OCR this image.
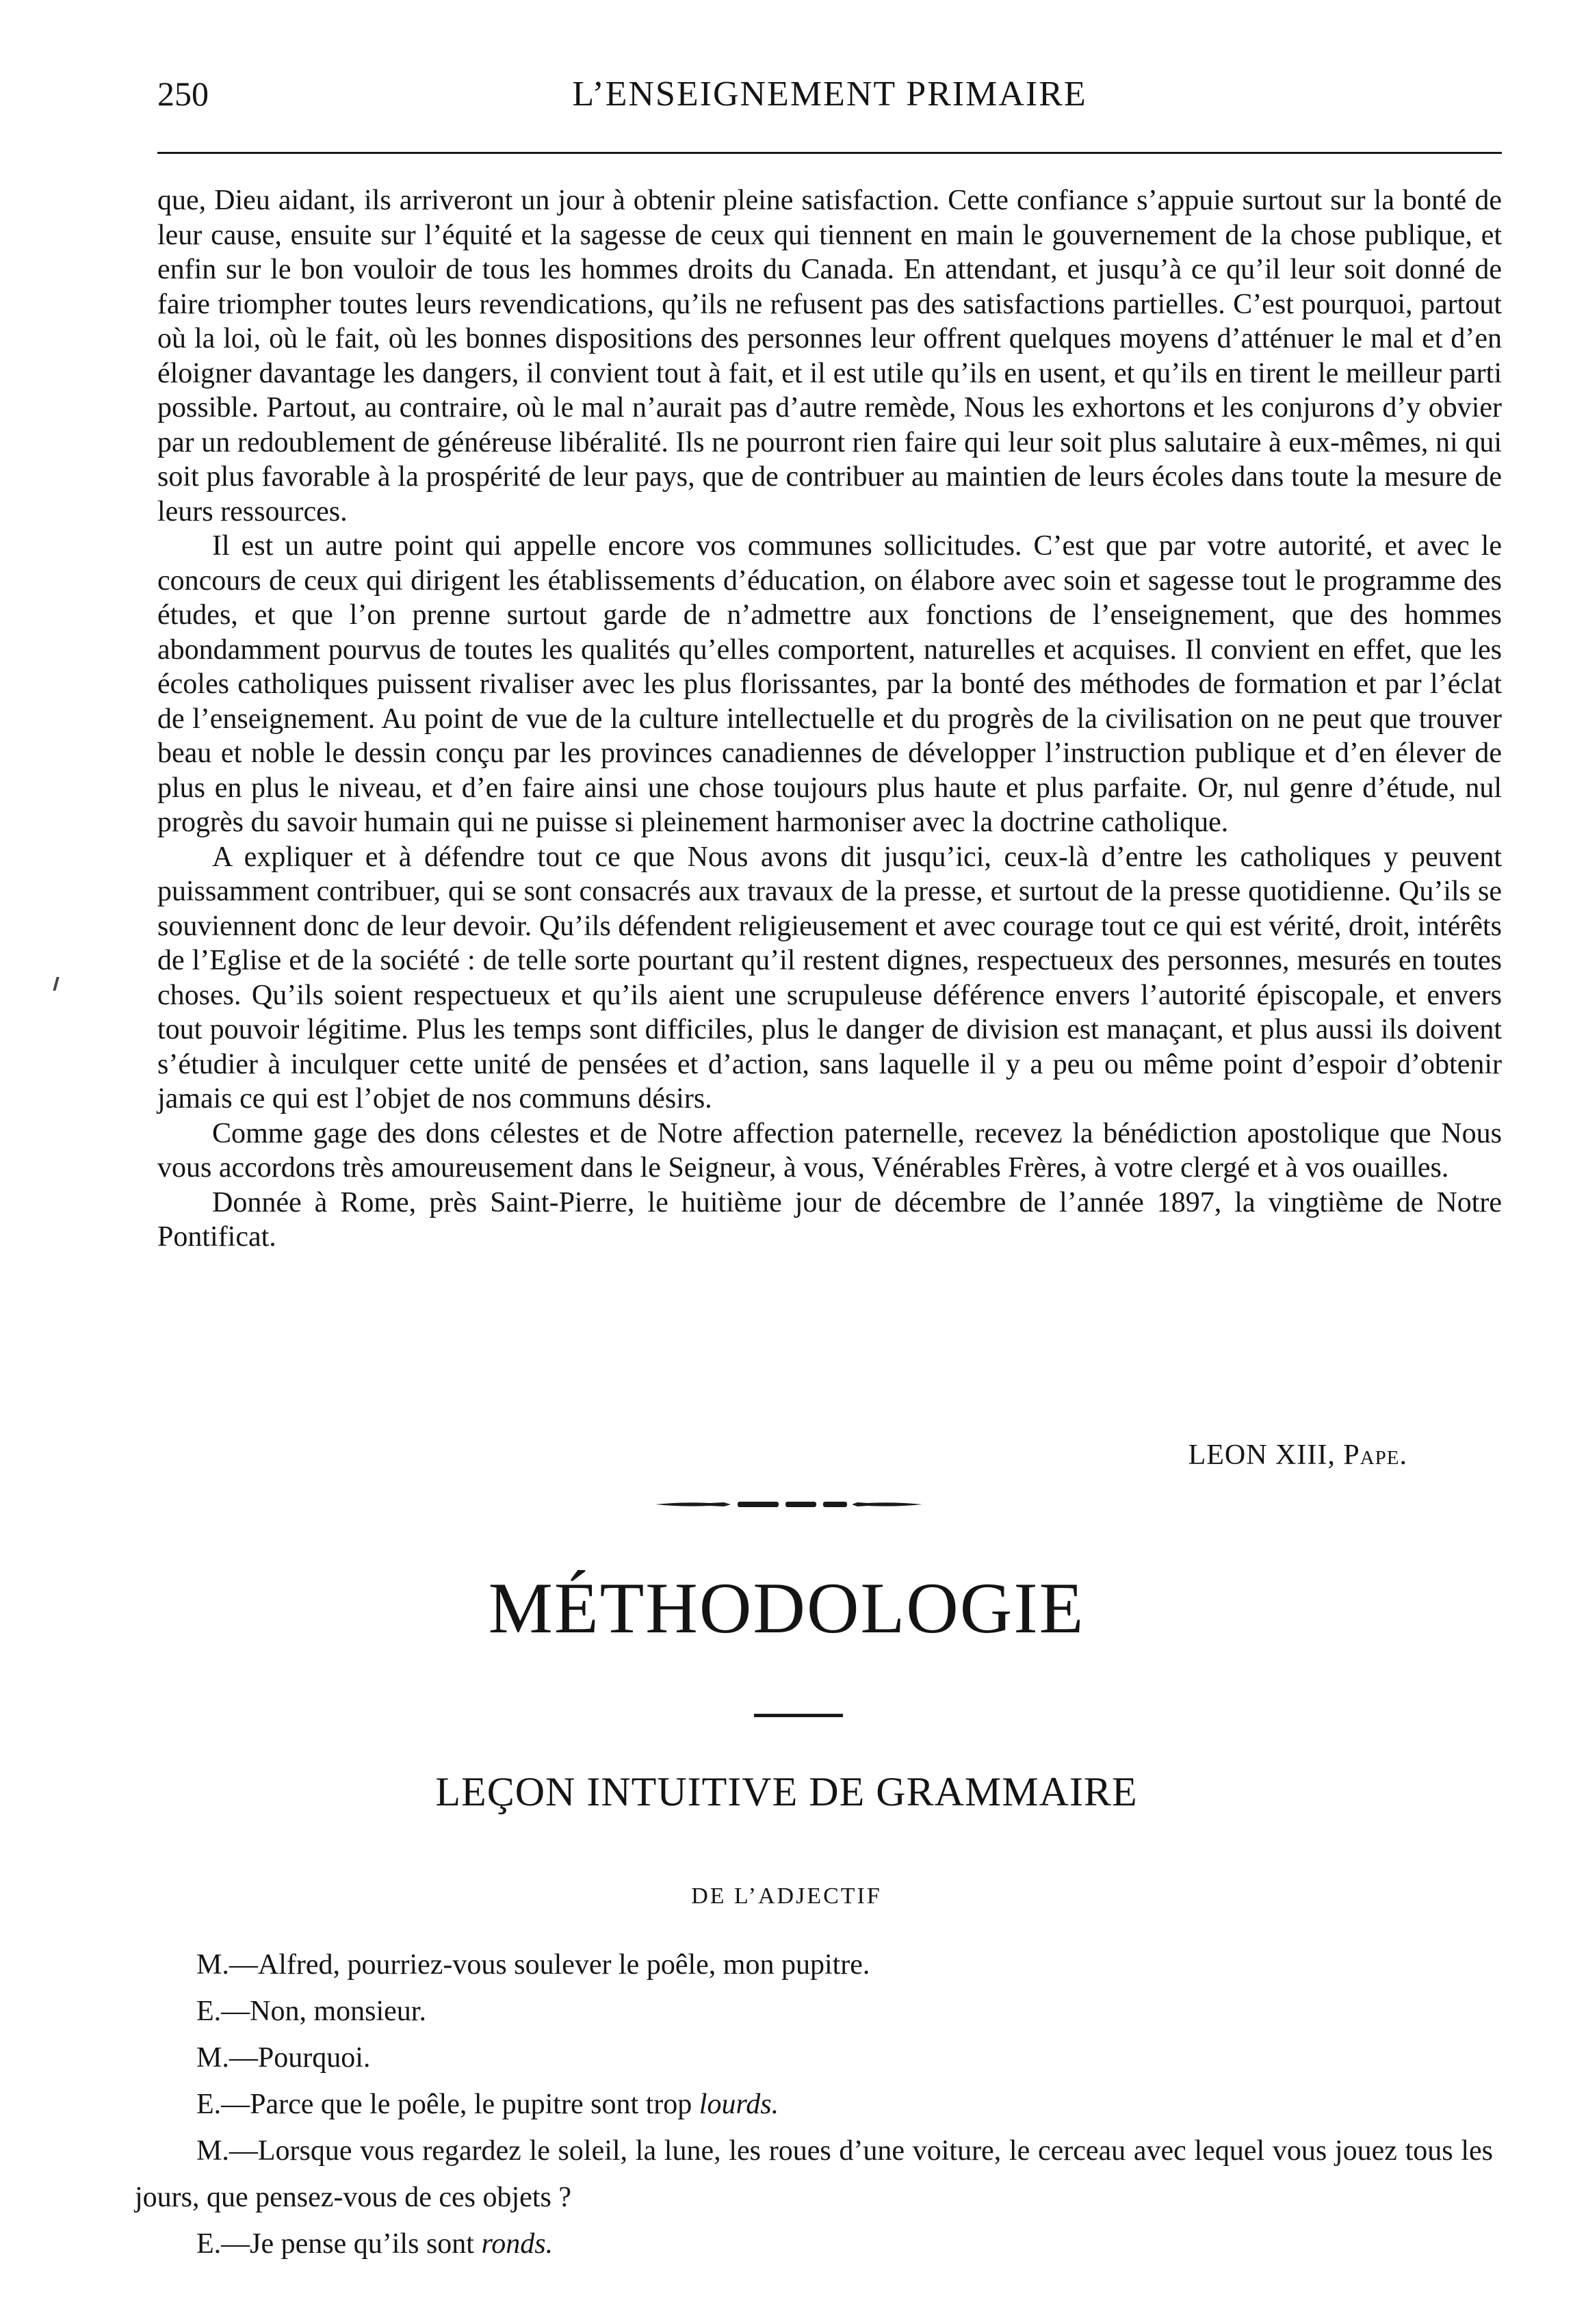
250	L’ENSEIGNEMENT PRIMAIRE

que, Dieu aidant, ils arriveront un jour à obtenir pleine satisfaction. Cette confiance s’appuie surtout sur la bonté de leur cause, ensuite sur l’équité et la sagesse de ceux qui tiennent en main le gouvernement de la chose publique, et enfin sur le bon vouloir de tous les hommes droits du Canada. En attendant, et jusqu’à ce qu’il leur soit donné de faire triompher toutes leurs revendications, qu’ils ne refusent pas des satisfactions partielles. C’est pourquoi, partout où la loi, où le fait, où les bonnes dispositions des personnes leur offrent quelques moyens d’atténuer le mal et d’en éloigner davantage les dangers, il convient tout à fait, et il est utile qu’ils en usent, et qu’ils en tirent le meilleur parti possible. Partout, au contraire, où le mal n’aurait pas d’autre remède, Nous les exhortons et les conjurons d’y obvier par un redoublement de généreuse libéralité. Ils ne pourront rien faire qui leur soit plus salutaire à eux-mêmes, ni qui soit plus favorable à la prospérité de leur pays, que de contribuer au maintien de leurs écoles dans toute la mesure de leurs ressources.

Il est un autre point qui appelle encore vos communes sollicitudes. C’est que par votre autorité, et avec le concours de ceux qui dirigent les établissements d’éducation, on élabore avec soin et sagesse tout le programme des études, et que l’on prenne surtout garde de n’admettre aux fonctions de l’enseignement, que des hommes abondamment pourvus de toutes les qualités qu’elles comportent, naturelles et acquises. Il convient en effet, que les écoles catholiques puissent rivaliser avec les plus florissantes, par la bonté des méthodes de formation et par l’éclat de l’enseignement. Au point de vue de la culture intellectuelle et du progrès de la civilisation on ne peut que trouver beau et noble le dessin conçu par les provinces canadiennes de développer l’instruction publique et d’en élever de plus en plus le niveau, et d’en faire ainsi une chose toujours plus haute et plus parfaite. Or, nul genre d’étude, nul progrès du savoir humain qui ne puisse si pleinement harmoniser avec la doctrine catholique.

A expliquer et à défendre tout ce que Nous avons dit jusqu’ici, ceux-là d’entre les catholiques y peuvent puissamment contribuer, qui se sont consacrés aux travaux de la presse, et surtout de la presse quotidienne. Qu’ils se souviennent donc de leur devoir. Qu’ils défendent religieusement et avec courage tout ce qui est vérité, droit, intérêts de l’Eglise et de la société : de telle sorte pourtant qu’il restent dignes, respectueux des personnes, mesurés en toutes choses. Qu’ils soient respectueux et qu’ils aient une scrupuleuse déférence envers l’autorité épiscopale, et envers tout pouvoir légitime. Plus les temps sont difficiles, plus le danger de division est manaçant, et plus aussi ils doivent s’étudier à inculquer cette unité de pensées et d’action, sans laquelle il y a peu ou même point d’espoir d’obtenir jamais ce qui est l’objet de nos communs désirs.

Comme gage des dons célestes et de Notre affection paternelle, recevez la bénédiction apostolique que Nous vous accordons très amoureusement dans le Seigneur, à vous, Vénérables Frères, à votre clergé et à vos ouailles.

Donnée à Rome, près Saint-Pierre, le huitième jour de décembre de l’année 1897, la vingtième de Notre Pontificat.

LEON XIII, Pape.
MÉTHODOLOGIE
LEÇON INTUITIVE DE GRAMMAIRE
DE L’ADJECTIF

M.—Alfred, pourriez-vous soulever le poêle, mon pupitre.

E.—Non, monsieur.

M.—Pourquoi.

E.—Parce que le poêle, le pupitre sont trop lourds.

M.—Lorsque vous regardez le soleil, la lune, les roues d’une voiture, le cerceau avec lequel vous jouez tous les jours, que pensez-vous de ces objets ?

E.—Je pense qu’ils sont ronds.
